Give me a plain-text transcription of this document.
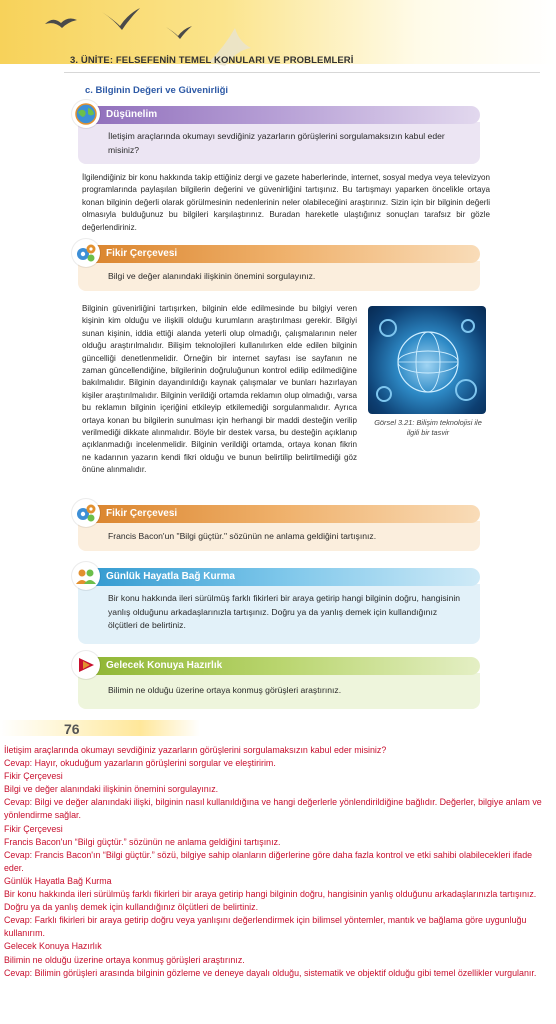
3. ÜNİTE: FELSEFENİN TEMEL KONULARI VE PROBLEMLERİ
c. Bilginin Değeri ve Güvenirliği
Düşünelim
İletişim araçlarında okumayı sevdiğiniz yazarların görüşlerini sorgulamaksızın kabul eder misiniz?
İlgilendiğiniz bir konu hakkında takip ettiğiniz dergi ve gazete haberlerinde, internet, sosyal medya veya televizyon programlarında paylaşılan bilgilerin değerini ve güvenirliğini tartışınız. Bu tartışmayı yaparken öncelikle ortaya konan bilginin değerli olarak görülmesinin nedenlerinin neler olabileceğini araştırınız. Sizin için bir bilginin değerli olmasıyla bulduğunuz bu bilgileri karşılaştırınız. Buradan hareketle ulaştığınız sonuçları tarafsız bir gözle değerlendiriniz.
Fikir Çerçevesi
Bilgi ve değer alanındaki ilişkinin önemini sorgulayınız.
Bilginin güvenirliğini tartışırken, bilginin elde edilmesinde bu bilgiyi veren kişinin kim olduğu ve ilişkili olduğu kurumların araştırılması gerekir. Bilgiyi sunan kişinin, iddia ettiği alanda yeterli olup olmadığı, çalışmalarının neler olduğu araştırılmalıdır. Bilişim teknolojileri kullanılırken elde edilen bilginin güncelliği denetlenmelidir. Örneğin bir internet sayfası ise sayfanın ne zaman güncellendiğine, bilgilerinin doğruluğunun kontrol edilip edilmediğine bakılmalıdır. Bilginin dayandırıldığı kaynak çalışmalar ve bunları hazırlayan kişiler araştırılmalıdır. Bilginin verildiği ortamda reklamın olup olmadığı, varsa bu reklamın bilginin içeriğini etkileyip etkilemediği sorgulanmalıdır. Ayrıca ortaya konan bu bilgilerin sunulması için herhangi bir maddi desteğin verilip verilmediği dikkate alınmalıdır. Böyle bir destek varsa, bu desteğin açıklanıp açıklanmadığı incelenmelidir. Bilginin verildiği ortamda, ortaya konan fikrin ne kadarının yazarın kendi fikri olduğu ve bunun belirtilip belirtilmediği göz önüne alınmalıdır.
Görsel 3.21: Bilişim teknolojisi ile ilgili bir tasvir
Fikir Çerçevesi
Francis Bacon'un "Bilgi güçtür." sözünün ne anlama geldiğini tartışınız.
Günlük Hayatla Bağ Kurma
Bir konu hakkında ileri sürülmüş farklı fikirleri bir araya getirip hangi bilginin doğru, hangisinin yanlış olduğunu arkadaşlarınızla tartışınız. Doğru ya da yanlış demek için kullandığınız ölçütleri de belirtiniz.
Gelecek Konuya Hazırlık
Bilimin ne olduğu üzerine ortaya konmuş görüşleri araştırınız.
76
İletişim araçlarında okumayı sevdiğiniz yazarların görüşlerini sorgulamaksızın kabul eder misiniz?
Cevap: Hayır, okuduğum yazarların görüşlerini sorgular ve eleştiririm.
Fikir Çerçevesi
Bilgi ve değer alanındaki ilişkinin önemini sorgulayınız.
Cevap: Bilgi ve değer alanındaki ilişki, bilginin nasıl kullanıldığına ve hangi değerlerle yönlendirildiğine bağlıdır. Değerler, bilgiye anlam ve yönlendirme sağlar.
Fikir Çerçevesi
Francis Bacon'un “Bilgi güçtür.” sözünün ne anlama geldiğini tartışınız.
Cevap: Francis Bacon'ın “Bilgi güçtür.” sözü, bilgiye sahip olanların diğerlerine göre daha fazla kontrol ve etki sahibi olabilecekleri ifade eder.
Günlük Hayatla Bağ Kurma
Bir konu hakkında ileri sürülmüş farklı fikirleri bir araya getirip hangi bilginin doğru, hangisinin yanlış olduğunu arkadaşlarınızla tartışınız. Doğru ya da yanlış demek için kullandığınız ölçütleri de belirtiniz.
Cevap: Farklı fikirleri bir araya getirip doğru veya yanlışını değerlendirmek için bilimsel yöntemler, mantık ve bağlama göre uygunluğu kullanırım.
Gelecek Konuya Hazırlık
Bilimin ne olduğu üzerine ortaya konmuş görüşleri araştırınız.
Cevap: Bilimin görüşleri arasında bilginin gözleme ve deneye dayalı olduğu, sistematik ve objektif olduğu gibi temel özellikler vurgulanır.
